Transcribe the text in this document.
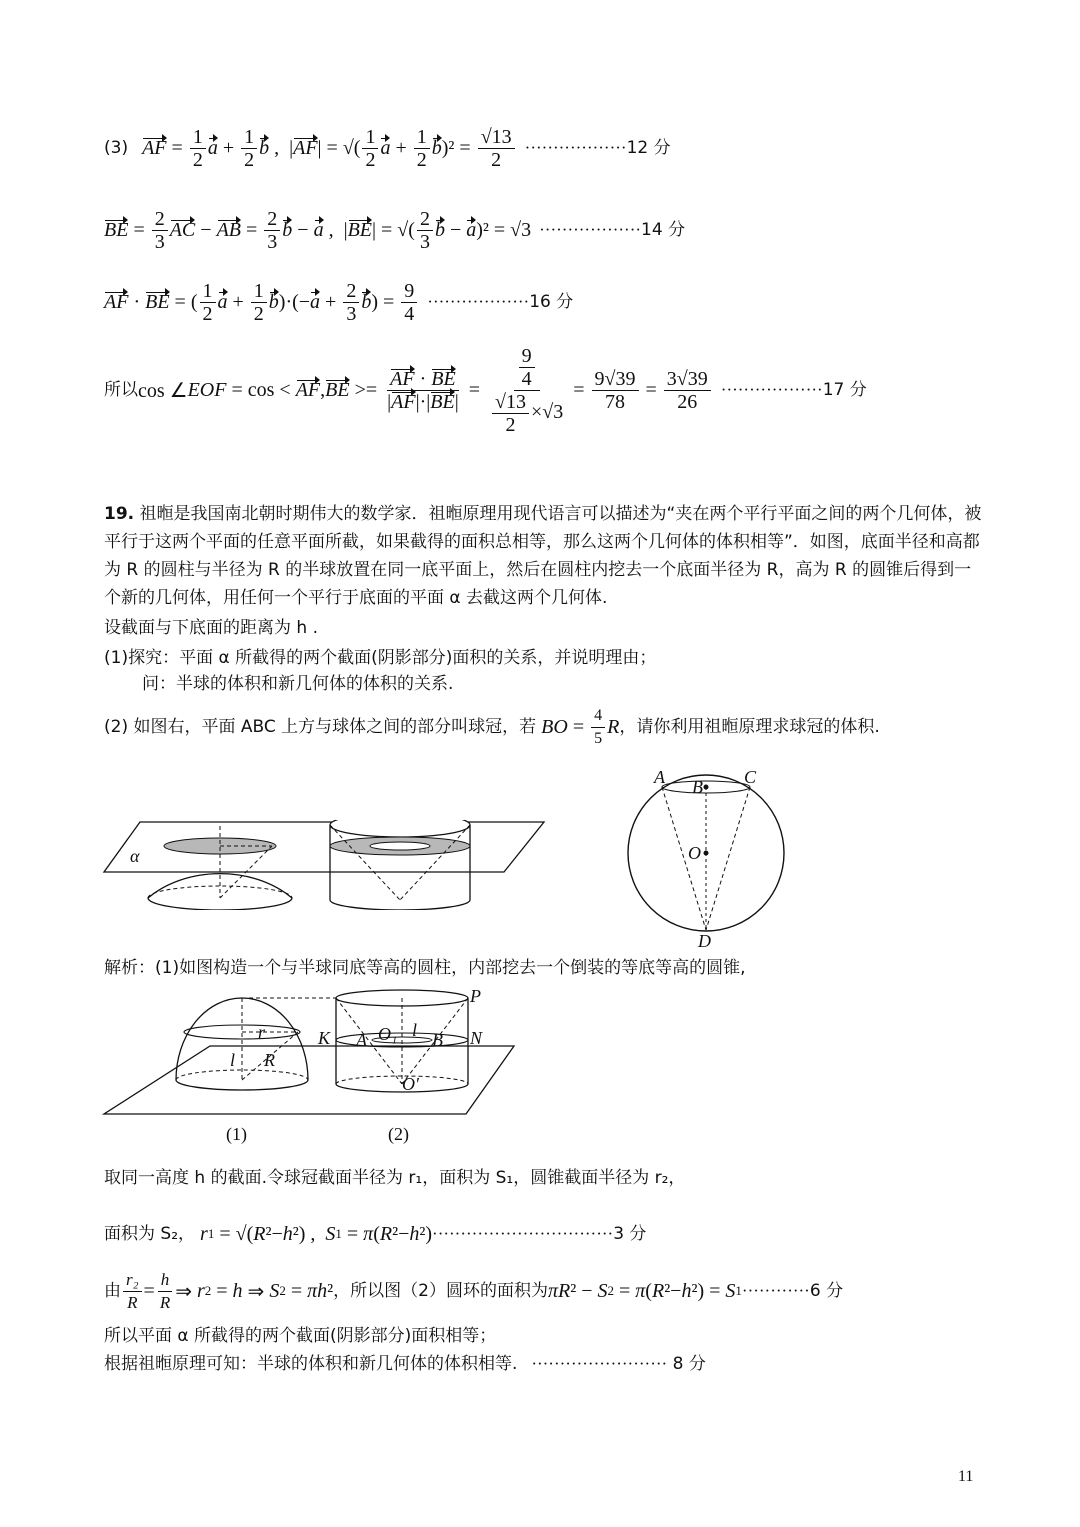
(3) AF = $\frac{1}{2}$ $a + \frac{1}{2}$ b ,  | AF | = √( $\frac{1}{2}$ $a + \frac{1}{2}$ b )$^2 = \frac{√13}{2}$ ·················· 12 分
BE = $\frac{2}{3}$ AC − AB = $\frac{2}{3}$ b − a ,  | BE | = √( $\frac{2}{3}$ b − a )² = √3 ·················· 14 分
AF · BE = ( $\frac{1}{2}$ $a + \frac{1}{2}$ b )·(− $a + \frac{2}{3}$ b ) = $\frac{9}{4}$ ·················· 16 分
所以 cos ∠ EOF = cos < AF , BE >= $\frac{AF \cdot BE}{|AF|\cdot|BE|} = \frac{\frac{9}{4}}{\frac{√13}{2} \times√3} = \frac{9√39}{78} = \frac{3√39}{26}$ ·················· 17 分
19. 祖暅是我国南北朝时期伟大的数学家．祖暅原理用现代语言可以描述为“夹在两个平行平面之间的两个几何体，被平行于这两个平面的任意平面所截，如果截得的面积总相等，那么这两个几何体的体积相等”．如图，底面半径和高都为 R 的圆柱与半径为 R 的半球放置在同一底平面上，然后在圆柱内挖去一个底面半径为 R，高为 R 的圆锥后得到一个新的几何体，用任何一个平行于底面的平面 α 去截这两个几何体.
设截面与下底面的距离为 h .
(1)探究：平面 α 所截得的两个截面(阴影部分)面积的关系，并说明理由；
问：半球的体积和新几何体的体积的关系.
(2) 如图右，平面 ABC 上方与球体之间的部分叫球冠，若 BO = $\frac{4}{5}$ R ，请你利用祖暅原理求球冠的体积.
α
A B C
O
D
解析：(1)如图构造一个与半球同底等高的圆柱，内部挖去一个倒装的等底等高的圆锥,
r
l R
P
K	N
A O₁ l B
O′
(1)	(2)
取同一高度 h 的截面.令球冠截面半径为 r₁，面积为 S₁，圆锥截面半径为 r₂，
面积为 S₂， r 1 = √( R ²− h ²) , S 1 = π ( R ²− h ²) ································ 3 分
由 $\frac{\text{r₂}}{R} = \frac{h}{R}$ ⇒ r 2 = h ⇒ S 2 = πh ² ，所以图（2）圆环的面积为 πR ² − S 2 = π ( R ²− h ²) = S 1 ············ 6 分
所以平面 α 所截得的两个截面(阴影部分)面积相等；
根据祖暅原理可知：半球的体积和新几何体的体积相等.   ························ 8 分
11
